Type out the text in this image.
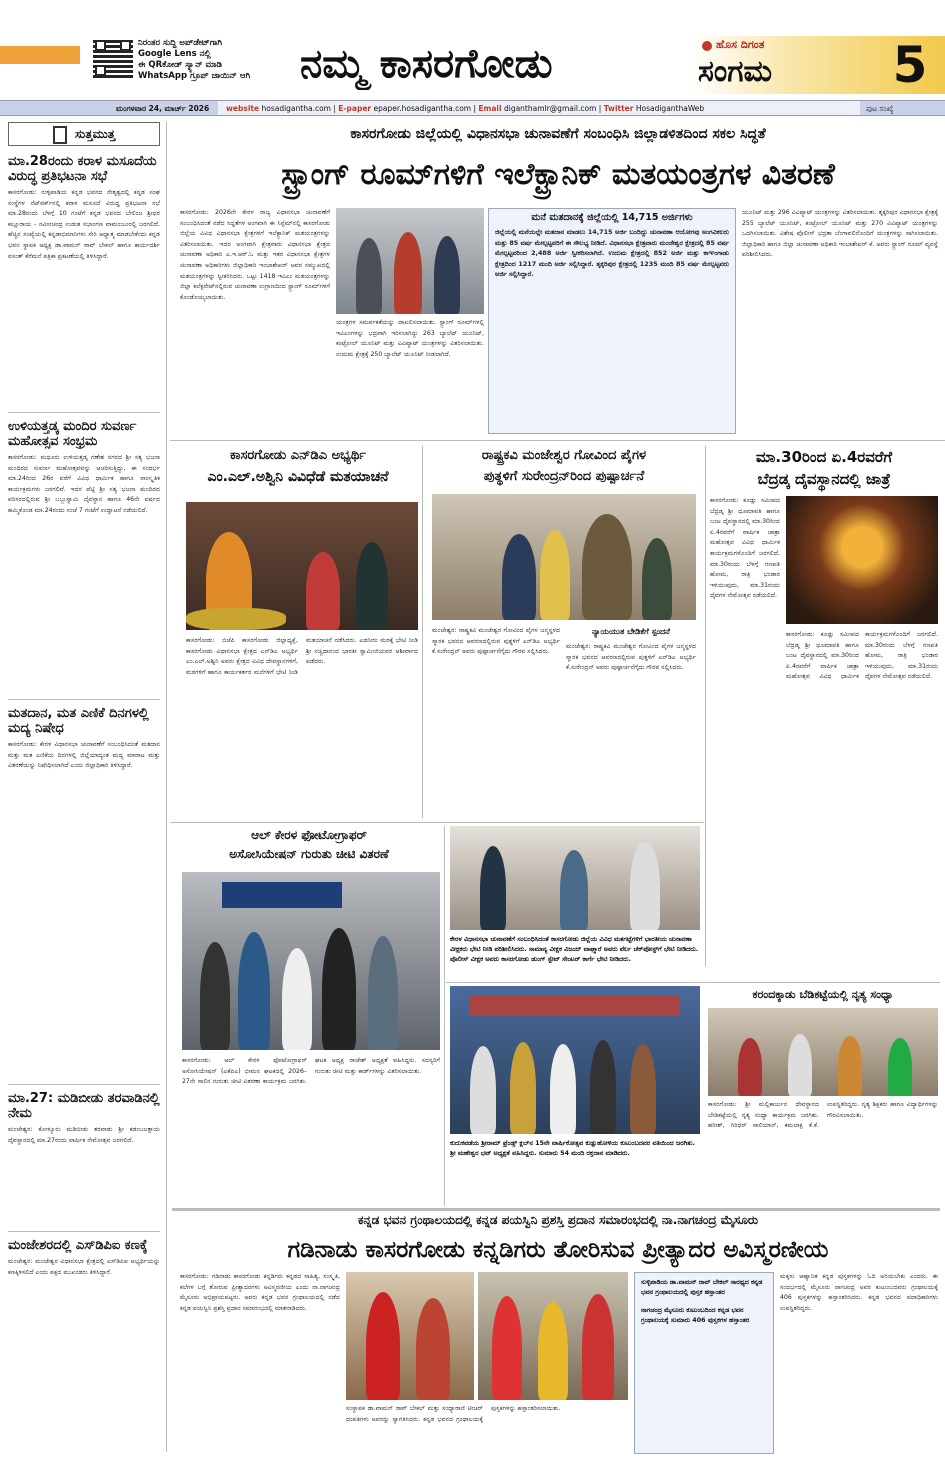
ನಿರಂತರ ಸುದ್ದಿ ಅಪ್‌ಡೇಟ್‌ಗಾಗಿ
Google Lens ನಲ್ಲಿ
ಈ QRಕೋಡ್ ಸ್ಕ್ಯಾನ್ ಮಾಡಿ
WhatsApp ಗ್ರೂಪ್ ಜಾಯಿನ್ ಆಗಿ	ನಮ್ಮ ಕಾಸರಗೋಡು	ಹೊಸ ದಿಗಂತ
ಸಂಗಮ	5
ಮಂಗಳವಾರ 24, ಮಾರ್ಚ್ 2026 website hosadigantha.com | E-paper epaper.hosadigantha.com | Email diganthamlr@gmail.com | Twitter HosadiganthaWeb	ಪುಟ ಸಂಖ್ಯೆ
ಸುತ್ತಮುತ್ತ
ಮಾ.28ರಂದು ಕರಾಳ ಮಸೂದೆಯ ವಿರುದ್ಧ ಪ್ರತಿಭಟನಾ ಸಭೆ
ಕಾಸರಗೋಡು: ನುಳ್ಳಿಪಾಡಿಯ ಕನ್ನಡ ಭವನದ ನೇತೃತ್ವದಲ್ಲಿ ಕನ್ನಡ ಸಂಘ ಸಂಸ್ಥೆಗಳ ನೆಟ್‌ವರ್ಕ್‌ನಲ್ಲಿ ಕರಾಳ ಮಸೂದೆ ವಿರುದ್ಧ ಪ್ರತಿಭಟನಾ ಸಭೆ ಮಾ.28ರಂದು ಬೆಳಗ್ಗೆ 10 ಗಂಟೆಗೆ ಕನ್ನಡ ಭವನದ ಬೇಲಿಂಜ ಶ್ರೀಧರ ಕಲ್ಲೂರಾಯ - ನವೀನಚಂದ್ರ ಉಡುತ ಸಭಾಂಗಣ ವಾಮಂಜೂರಲ್ಲಿ ಜರಗಲಿದೆ. ಹೆಚ್ಚಿನ ಸಂಖ್ಯೆಯಲ್ಲಿ ಕನ್ನಡಾಭಿಮಾನಿಗಳು ಸೇರಿ ಆಧ್ಯಾತ್ಮ ಮಾಡಬೇಕೆಂದು ಕನ್ನಡ ಭವನ ಸ್ಥಾಪಕ ಅಧ್ಯಕ್ಷ ಡಾ.ವಾಮನ್ ರಾವ್ ಬೇಕಲ್ ಹಾಗೂ ಕಾರ್ಯದರ್ಶಿ ವಸಂತ್ ಕೆರೆಮನೆ ಪತ್ರಿಕಾ ಪ್ರಕಟಣೆಯಲ್ಲಿ ತಿಳಿಸಿದ್ದಾರೆ.
ಉಳಿಯತ್ತಡ್ಕ ಮಂದಿರ ಸುವರ್ಣ ಮಹೋತ್ಸವ ಸಂಭ್ರಮ
ಕಾಸರಗೋಡು: ಮಧೂರು ಉಳಿಯತ್ತಡ್ಕ ಗಣೇಶ ನಗರದ ಶ್ರೀ ಸತ್ಯ ಭಜನಾ ಮಂದಿರದ ಸುವರ್ಣ ಮಹೋತ್ಸವವನ್ನು ಆಚರಿಸುತ್ತಿದ್ದು, ಈ ಸಂದರ್ಭ ಮಾ.24ರಿಂದ 26ರ ವರೆಗೆ ವಿವಿಧ ಧಾರ್ಮಿಕ ಹಾಗೂ ಸಾಂಸ್ಕೃತಿಕ ಕಾರ್ಯಕ್ರಮಗಳು ಜರಗಲಿವೆ. ಇದರ ಪೆಟ್ಟಿ ಶ್ರೀ ಸತ್ಯ ಭಜನಾ ಮಂದಿರದ ಪರಿಸರದಲ್ಲಿರುವ ಶ್ರೀ ಬಬ್ಬುಸ್ವಾಮಿ ದೈವಸ್ಥಾನ ಹಾಗೂ 46ನೇ ವರ್ಷದ ಹಮ್ಮಿಕೊಂಡ ಮಾ.24ರಂದು ಸಂಜೆ 7 ಗಂಟೆಗೆ ಉದ್ಘಾಟನೆ ನಡೆಯಲಿದೆ.
ಮತದಾನ, ಮತ ಎಣಿಕೆ ದಿನಗಳಲ್ಲಿ ಮದ್ಯ ನಿಷೇಧ
ಕಾಸರಗೋಡು: ಕೇರಳ ವಿಧಾನಸಭಾ ಚುನಾವಣೆಗೆ ಸಂಬಂಧಿಸಿದಂತೆ ಮತದಾನ ಮತ್ತು ಮತ ಎಣಿಕೆಯ ದಿನಗಳಲ್ಲಿ ಜಿಲ್ಲೆಯಾದ್ಯಂತ ಮದ್ಯ ಮಾರಾಟ ಮತ್ತು ವಿತರಣೆಯನ್ನು ನಿಷೇಧಿಸಲಾಗಿದೆ ಎಂದು ಜಿಲ್ಲಾಧಿಕಾರಿ ತಿಳಿಸಿದ್ದಾರೆ.
ಮಾ.27: ಮಡಿಬೀಡು ತರವಾಡಿನಲ್ಲಿ ನೇಮ
ಮಂಜೇಶ್ವರ: ಕೋಳ್ಯೂರು ಮಡಿಬೀಡು ತರವಾಡು ಶ್ರೀ ಕಡಂಬಲತ್ತಾಯ ದೈವಸ್ಥಾನದಲ್ಲಿ ಮಾ.27ರಂದು ವಾರ್ಷಿಕ ನೇಮೋತ್ಸವ ಜರಗಲಿದೆ.
ಮಂಜೇಶರದಲ್ಲಿ ಎಸ್‌ಡಿಪಿಐ ಕಣಕ್ಕೆ
ಮಂಜೇಶ್ವರ: ಮಂಜೇಶ್ವರ ವಿಧಾನಸಭಾ ಕ್ಷೇತ್ರದಲ್ಲಿ ಎಸ್‌ಡಿಪಿಐ ಅಭ್ಯರ್ಥಿಯನ್ನು ಕಣಕ್ಕಿಳಿಸಲಿದೆ ಎಂದು ಪಕ್ಷದ ಮುಖಂಡರು ತಿಳಿಸಿದ್ದಾರೆ.
ಕಾಸರಗೋಡು ಜಿಲ್ಲೆಯಲ್ಲಿ ವಿಧಾನಸಭಾ ಚುನಾವಣೆಗೆ ಸಂಬಂಧಿಸಿ ಜಿಲ್ಲಾಡಳಿತದಿಂದ ಸಕಲ ಸಿದ್ಧತೆ
ಸ್ಟ್ರಾಂಗ್ ರೂಮ್‌ಗಳಿಗೆ ಇಲೆಕ್ಟ್ರಾನಿಕ್ ಮತಯಂತ್ರಗಳ ವಿತರಣೆ
ಕಾಸರಗೋಡು: 2026ನೇ ಕೇರಳ ರಾಜ್ಯ ವಿಧಾನಸಭಾ ಚುನಾವಣೆಗೆ ಸಂಬಂಧಿಸಿದಂತೆ ನಡೆದ ಸಿದ್ಧತೆಗಳ ಅಂಗವಾಗಿ ಈ ಸಿಸ್ಟೆಮ್‌ನಲ್ಲಿ ಕಾಸರಗೋಡು ಜಿಲ್ಲೆಯ ವಿವಿಧ ವಿಧಾನಸಭಾ ಕ್ಷೇತ್ರಗಳಿಗೆ ಇಲೆಕ್ಟ್ರಾನಿಕ್ ಮತಯಂತ್ರಗಳನ್ನು ವಿತರಿಸಲಾಯಿತು. ಇದರ ಅಂಗವಾಗಿ ಕ್ಷೇತ್ರವಾರು ವಿಧಾನಸಭಾ ಕ್ಷೇತ್ರದ ಚುನಾವಣಾ ಅಧಿಕಾರಿ ಎ.ಇ.ಆರ್.ಓ ಮತ್ತು ಇತರ ವಿಧಾನಸಭಾ ಕ್ಷೇತ್ರಗಳ ಚುನಾವಣಾ ಅಧಿಕಾರಿಗಳು ಜಿಲ್ಲಾಧಿಕಾರಿ ಇಂಬಾಶೇಖರ್ ಅವರ ಸಮ್ಮುಖದಲ್ಲಿ ಮತಯಂತ್ರಗಳನ್ನು ಸ್ವೀಕರಿಸಿದರು. ಒಟ್ಟು 1418 ಇವಿಎಂ ಮತಯಂತ್ರಗಳನ್ನು ಜಿಲ್ಲಾ ಕಲೆಕ್ಟರೇಟ್‌ನಲ್ಲಿರುವ ಚುನಾವಣಾ ಉಗ್ರಾಣದಿಂದ ಸ್ಟ್ರಾಂಗ್ ರೂಮ್‌ಗಳಿಗೆ ಕೊಂಡೊಯ್ಯಲಾಯಿತು.
ಯಂತ್ರಗಳ ಸಮರ್ಪಕತೆಯನ್ನು ದಾಖಲಿಸಲಾಯಿತು. ಸ್ಟ್ರಾಂಗ್ ರೂಮ್‌ಗಳಲ್ಲಿ ಇವಿಎಂಗಳನ್ನು ಭದ್ರವಾಗಿ ಇರಿಸಲಾಗಿದ್ದು 263 ಬ್ಯಾಲೆಟ್ ಯೂನಿಟ್, ಕಂಟ್ರೋಲ್ ಯೂನಿಟ್ ಮತ್ತು ವಿವಿಪ್ಯಾಟ್ ಯಂತ್ರಗಳನ್ನು ವಿತರಿಸಲಾಯಿತು. ಉದುಮ ಕ್ಷೇತ್ರಕ್ಕೆ 250 ಬ್ಯಾಲೆಟ್ ಯೂನಿಟ್ ನೀಡಲಾಗಿದೆ.
ಮನೆ ಮತದಾನಕ್ಕೆ ಜಿಲ್ಲೆಯಲ್ಲಿ 14,715 ಅರ್ಜಿಗಳು
ಜಿಲ್ಲೆಯಲ್ಲಿ ಮನೆಯಲ್ಲೇ ಮತದಾನ ಮಾಡಲು 14,715 ಅರ್ಜಿ ಬಂದಿದ್ದು ಚುನಾವಣಾ ಆಯೋಗವು ಅಂಗವಿಕಲರು ಮತ್ತು 85 ವರ್ಷ ಮೇಲ್ಪಟ್ಟವರಿಗೆ ಈ ಸೌಲಭ್ಯ ನೀಡಿದೆ. ವಿಧಾನಸಭಾ ಕ್ಷೇತ್ರವಾರು ಮಂಜೇಶ್ವರ ಕ್ಷೇತ್ರದಲ್ಲಿ 85 ವರ್ಷ ಮೇಲ್ಪಟ್ಟವರಿಂದ 2,488 ಅರ್ಜಿ ಸ್ವೀಕರಿಸಲಾಗಿದೆ. ಉದುಮ ಕ್ಷೇತ್ರದಲ್ಲಿ 852 ಅರ್ಜಿ ಮತ್ತು ಕಾಞಂಗಾಡು ಕ್ಷೇತ್ರದಿಂದ 1217 ಮಂದಿ ಅರ್ಜಿ ಸಲ್ಲಿಸಿದ್ದಾರೆ. ತೃಕ್ಕರಿಪುರ ಕ್ಷೇತ್ರದಲ್ಲಿ 1235 ಮಂದಿ 85 ವರ್ಷ ಮೇಲ್ಪಟ್ಟವರು ಅರ್ಜಿ ಸಲ್ಲಿಸಿದ್ದಾರೆ.
ಯೂನಿಟ್ ಮತ್ತು 296 ವಿವಿಪ್ಯಾಟ್ ಯಂತ್ರಗಳನ್ನು ವಿತರಿಸಲಾಯಿತು. ತೃಕ್ಕರಿಪುರ ವಿಧಾನಸಭಾ ಕ್ಷೇತ್ರಕ್ಕೆ 255 ಬ್ಯಾಲೆಟ್ ಯೂನಿಟ್, ಕಂಟ್ರೋಲ್ ಯೂನಿಟ್ ಮತ್ತು 270 ವಿವಿಪ್ಯಾಟ್ ಯಂತ್ರಗಳನ್ನು ಒದಗಿಸಲಾಯಿತು. ವಿಶೇಷ ಪೊಲೀಸ್ ಭದ್ರತಾ ಬೆಂಗಾವಲಿನೊಂದಿಗೆ ಯಂತ್ರಗಳನ್ನು ಸಾಗಿಸಲಾಯಿತು. ಜಿಲ್ಲಾಧಿಕಾರಿ ಹಾಗೂ ಜಿಲ್ಲಾ ಚುನಾವಣಾ ಅಧಿಕಾರಿ ಇಂಬಾಶೇಖರ್ ಕೆ. ಅವರು ಸ್ಟ್ರಾಂಗ್ ರೂಮ್ ವ್ಯವಸ್ಥೆ ಪರಿಶೀಲಿಸಿದರು.
ಕಾಸರಗೋಡು ಎನ್‌ಡಿಎ ಅಭ್ಯರ್ಥಿ
ಎಂ.ಎಲ್.ಅಶ್ವಿನಿ ವಿವಿಧೆಡೆ ಮತಯಾಚನೆ
ಕಾಸರಗೋಡು: ಬಿಜೆಪಿ ಕಾಸರಗೋಡು ಜಿಲ್ಲಾಧ್ಯಕ್ಷೆ, ಕಾಸರಗೋಡು ವಿಧಾನಸಭಾ ಕ್ಷೇತ್ರದ ಎನ್‌ಡಿಎ ಅಭ್ಯರ್ಥಿ ಎಂ.ಎಲ್.ಅಶ್ವಿನಿ ಅವರು ಕ್ಷೇತ್ರದ ವಿವಿಧ ದೇವಸ್ಥಾನಗಳಿಗೆ, ಮಠಗಳಿಗೆ ಹಾಗೂ ಕಾರ್ಯಕರ್ತರ ಮನೆಗಳಿಗೆ ಭೇಟಿ ನೀಡಿ ಮತಯಾಚನೆ ನಡೆಸಿದರು. ಎಡನೀರು ಮಠಕ್ಕೆ ಭೇಟಿ ನೀಡಿ ಶ್ರೀ ಸಚ್ಚಿದಾನಂದ ಭಾರತೀ ಸ್ವಾಮೀಜಿಯವರ ಆಶೀರ್ವಾದ ಪಡೆದರು.
ರಾಷ್ಟ್ರಕವಿ ಮಂಜೇಶ್ವರ ಗೋವಿಂದ ಪೈಗಳ
ಪುತ್ಥಳಿಗೆ ಸುರೇಂದ್ರನ್‌ರಿಂದ ಪುಷ್ಪಾರ್ಚನೆ
ಮಂಜೇಶ್ವರ: ರಾಷ್ಟ್ರಕವಿ ಮಂಜೇಶ್ವರ ಗೋವಿಂದ ಪೈಗಳ ಜನ್ಮಸ್ಥಳದ ಸ್ಮಾರಕ ಭವನದ ಆವರಣದಲ್ಲಿರುವ ಪುತ್ಥಳಿಗೆ ಎನ್‌ಡಿಎ ಅಭ್ಯರ್ಥಿ ಕೆ.ಸುರೇಂದ್ರನ್ ಅವರು ಪುಷ್ಪಾರ್ಚನೆಗೈದು ಗೌರವ ಸಲ್ಲಿಸಿದರು.
ನ್ಯಾಯಯುತ ಬೇಡಿಕೆಗೆ ಸ್ಪಂದನೆ
ಮಂಜೇಶ್ವರ: ರಾಷ್ಟ್ರಕವಿ ಮಂಜೇಶ್ವರ ಗೋವಿಂದ ಪೈಗಳ ಜನ್ಮಸ್ಥಳದ ಸ್ಮಾರಕ ಭವನದ ಆವರಣದಲ್ಲಿರುವ ಪುತ್ಥಳಿಗೆ ಎನ್‌ಡಿಎ ಅಭ್ಯರ್ಥಿ ಕೆ.ಸುರೇಂದ್ರನ್ ಅವರು ಪುಷ್ಪಾರ್ಚನೆಗೈದು ಗೌರವ ಸಲ್ಲಿಸಿದರು.
ಮಾ.30ರಿಂದ ಏ.4ರವರೆಗೆ
ಬೆದ್ರಡ್ಕ ದೈವಸ್ಥಾನದಲ್ಲಿ ಜಾತ್ರೆ
ಕಾಸರಗೋಡು: ಕೂಡ್ಲು ಸಮೀಪದ ಬೆದ್ರಡ್ಕ ಶ್ರೀ ಧೂಮಾವತಿ ಹಾಗೂ ಬಂಟ ದೈವಸ್ಥಾನದಲ್ಲಿ ಮಾ.30ರಿಂದ ಏ.4ರವರೆಗೆ ವಾರ್ಷಿಕ ಜಾತ್ರಾ ಮಹೋತ್ಸವ ವಿವಿಧ ಧಾರ್ಮಿಕ ಕಾರ್ಯಕ್ರಮಗಳೊಂದಿಗೆ ಜರಗಲಿದೆ. ಮಾ.30ರಂದು ಬೆಳಗ್ಗೆ ಗಣಪತಿ ಹೋಮ, ರಾತ್ರಿ ಭಂಡಾರ ಇಳಿಯುವುದು, ಮಾ.31ರಂದು ದೈವಗಳ ನೇಮೋತ್ಸವ ನಡೆಯಲಿದೆ.
ಕಾಸರಗೋಡು: ಕೂಡ್ಲು ಸಮೀಪದ ಬೆದ್ರಡ್ಕ ಶ್ರೀ ಧೂಮಾವತಿ ಹಾಗೂ ಬಂಟ ದೈವಸ್ಥಾನದಲ್ಲಿ ಮಾ.30ರಿಂದ ಏ.4ರವರೆಗೆ ವಾರ್ಷಿಕ ಜಾತ್ರಾ ಮಹೋತ್ಸವ ವಿವಿಧ ಧಾರ್ಮಿಕ ಕಾರ್ಯಕ್ರಮಗಳೊಂದಿಗೆ ಜರಗಲಿದೆ. ಮಾ.30ರಂದು ಬೆಳಗ್ಗೆ ಗಣಪತಿ ಹೋಮ, ರಾತ್ರಿ ಭಂಡಾರ ಇಳಿಯುವುದು, ಮಾ.31ರಂದು ದೈವಗಳ ನೇಮೋತ್ಸವ ನಡೆಯಲಿದೆ.
ಆಲ್ ಕೇರಳ ಫೋಟೋಗ್ರಾಫರ್
ಅಸೋಸಿಯೇಷನ್ ಗುರುತು ಚೀಟಿ ವಿತರಣೆ
ಕಾಸರಗೋಡು: ಆಲ್ ಕೇರಳ ಫೋಟೋಗ್ರಾಫರ್ ಅಸೋಸಿಯೇಷನ್ (ಎಕೆಪಿಎ) ಭೀಮನ ಘಟಕದಲ್ಲಿ 2026–27ನೇ ಸಾಲಿನ ಗುರುತು ಚೀಟಿ ವಿತರಣಾ ಕಾರ್ಯಕ್ರಮ ಜರಗಿತು. ಘಟಕ ಅಧ್ಯಕ್ಷ ರಾಜೇಶ್ ಅಧ್ಯಕ್ಷತೆ ವಹಿಸಿದ್ದರು. ಸದಸ್ಯರಿಗೆ ಗುರುತು ಚೀಟಿ ಮತ್ತು ಕಾರ್ಡ್‌ಗಳನ್ನು ವಿತರಿಸಲಾಯಿತು.
ಕೇರಳ ವಿಧಾನಸಭಾ ಚುನಾವಣೆಗೆ ಸಂಬಂಧಿಸಿದಂತೆ ಕಾಸರಗೋಡು ಜಿಲ್ಲೆಯ ವಿವಿಧ ಮತಗಟ್ಟೆಗಳಿಗೆ ಭಾರತೀಯ ಚುನಾವಣಾ ವೀಕ್ಷಕರು ಭೇಟಿ ನೀಡಿ ಪರಿಶೀಲಿಸಿದರು. ಸಾಮಾನ್ಯ ವೀಕ್ಷಕ ವಿಜಯ್ ವಾಘ್ಮಾರೆ ಅವರು ಪೆರ್ಲ ಚೆಕ್‌ಪೋಸ್ಟ್‌ಗೆ ಭೇಟಿ ನೀಡಿದರು. ಪೊಲೀಸ್ ವೀಕ್ಷಕ ಅವರು ಕಾಸರಗೋಡು ಡುಂಗ್ ಸ್ಟೇಟ್ ಸೇಂಟರ್‌ ಕಾರ್ಗೆ ಭೇಟಿ ನೀಡಿದರು.
ಕುದುಕವಡೆಯ ಶ್ರೀರಾಮ್ ಫ್ರೆಂಡ್ಸ್ ಕ್ಲಬ್‌ನ 15ನೇ ವಾರ್ಷಿಕೋತ್ಸವ ಕುಡ್ಲುಹೋಳಿಯ ಕುಟುಂಬದವರ ವತಿಯಿಂದ ಜರಗಿತು. ಶ್ರೀ ಮಹೇಶ್ವರ ಭಟ್ ಅಧ್ಯಕ್ಷತೆ ವಹಿಸಿದ್ದರು. ಸುಮಾರು 54 ಮಂದಿ ರಕ್ತದಾನ ಮಾಡಿದರು.
ಕರಂದಕ್ಕಾಡು ಬೆಡಿಕಟ್ಟೆಯಲ್ಲಿ ನೃತ್ಯ ಸಂಧ್ಯಾ
ಕಾಸರಗೋಡು: ಶ್ರೀ ಮಲ್ಲಿಕಾರ್ಜುನ ದೇವಸ್ಥಾನದ ಬೇಡಿಕಟ್ಟೆಯಲ್ಲಿ ನೃತ್ಯ ಸಂಧ್ಯಾ ಕಾರ್ಯಕ್ರಮ ಜರಗಿತು. ಹರೀಶ್, ಗಿರಿಧರ್ ಸಾಲಿಯಾನ್, ಕಮಲಾಕ್ಷ ಕೆ.ಕೆ. ಉಪಸ್ಥಿತರಿದ್ದರು. ನೃತ್ಯ ಶಿಕ್ಷಕರು ಹಾಗೂ ವಿದ್ಯಾರ್ಥಿಗಳನ್ನು ಗೌರವಿಸಲಾಯಿತು.
ಕನ್ನಡ ಭವನ ಗ್ರಂಥಾಲಯದಲ್ಲಿ ಕನ್ನಡ ಪಯಸ್ವಿನಿ ಪ್ರಶಸ್ತಿ ಪ್ರದಾನ ಸಮಾರಂಭದಲ್ಲಿ ನಾ.ನಾಗಚಂದ್ರ ಮೈಸೂರು
ಗಡಿನಾಡು ಕಾಸರಗೋಡು ಕನ್ನಡಿಗರು ತೋರಿಸುವ ಪ್ರೀತ್ಯಾದರ ಅವಿಸ್ಮರಣೀಯ
ಕಾಸರಗೋಡು: ಗಡಿನಾಡು ಕಾಸರಗೋಡು ಕನ್ನಡಿಗರು ಕನ್ನಡದ ಸಾಹಿತ್ಯ, ಸಂಸ್ಕೃತಿ, ಕಲೆಗಳ ಬಗ್ಗೆ ತೋರುವ ಪ್ರೀತ್ಯಾದರಗಳು ಅವಿಸ್ಮರಣೀಯ ಎಂದು ನಾ.ನಾಗಚಂದ್ರ ಮೈಸೂರು ಅಭಿಪ್ರಾಯಪಟ್ಟರು. ಅವರು ಕನ್ನಡ ಭವನ ಗ್ರಂಥಾಲಯದಲ್ಲಿ ನಡೆದ ಕನ್ನಡ ಪಯಸ್ವಿನಿ ಪ್ರಶಸ್ತಿ ಪ್ರದಾನ ಸಮಾರಂಭದಲ್ಲಿ ಮಾತನಾಡಿದರು.
ಸಂಸ್ಥಾಪಕ ಡಾ.ವಾಮನ್ ರಾವ್ ಬೇಕಲ್ ಮತ್ತು ಸಂಧ್ಯಾರಾಣಿ ಟೀಚರ್ ದಂಪತಿಗಳು ಅವರನ್ನು ಸ್ವಾಗತಿಸಿದರು. ಕನ್ನಡ ಭವನದ ಗ್ರಂಥಾಲಯಕ್ಕೆ ಪುಸ್ತಕಗಳನ್ನು ಹಸ್ತಾಂತರಿಸಲಾಯಿತು.
ಸುಳ್ಳಿಪಾಡಿಯ ಡಾ.ವಾಮನ್ ರಾವ್ ಬೇಕಲ್ ಸಾರಥ್ಯದ ಕನ್ನಡ ಭವನ ಗ್ರಂಥಾಲಯದಲ್ಲಿ ಪುಸ್ತಕ ಹಸ್ತಾಂತರ
ನಾಗಚಂದ್ರ ಮೈಸೂರು ಕುಟುಂಬದಿಂದ ಕನ್ನಡ ಭವನ ಗ್ರಂಥಾಲಯಕ್ಕೆ ಸುಮಾರು 406 ಪುಸ್ತಕಗಳ ಹಸ್ತಾಂತರ
ಮಕ್ಕಳು ಆಹ್ವಾನಿತ ಕನ್ನಡ ಪುಸ್ತಕಗಳನ್ನು ಓದಿ ಅರಿಯಬೇಕು ಎಂದರು. ಈ ಸಂದರ್ಭದಲ್ಲಿ ಮೈಸೂರು ನಾಗಚಂದ್ರ ಅವರ ಕುಟುಂಬದವರು ಗ್ರಂಥಾಲಯಕ್ಕೆ 406 ಪುಸ್ತಕಗಳನ್ನು ಹಸ್ತಾಂತರಿಸಿದರು. ಕನ್ನಡ ಭವನದ ಪದಾಧಿಕಾರಿಗಳು ಉಪಸ್ಥಿತರಿದ್ದರು.
